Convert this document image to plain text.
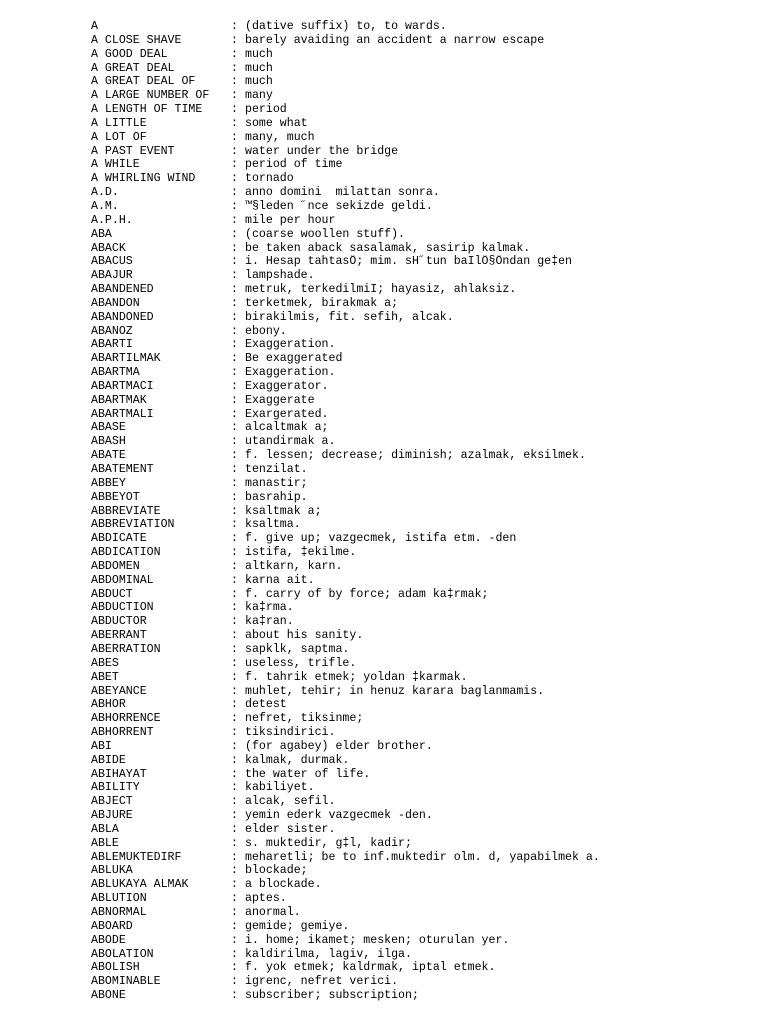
A	: (dative suffix) to, to wards.
A CLOSE SHAVE	: barely avaiding an accident a narrow escape
A GOOD DEAL	: much
A GREAT DEAL	: much
A GREAT DEAL OF	: much
A LARGE NUMBER OF	: many
A LENGTH OF TIME	: period
A LITTLE	: some what
A LOT OF	: many, much
A PAST EVENT	: water under the bridge
A WHILE	: period of time
A WHIRLING WIND	: tornado
A.D.	: anno domini  milattan sonra.
A.M.	: ™§leden ˝nce sekizde geldi.
A.P.H.	: mile per hour
ABA	: (coarse woollen stuff).
ABACK	: be taken aback sasalamak, sasirip kalmak.
ABACUS	: i. Hesap tahtasÖ; mim. sH˝tun baIlÖ§Öndan ge‡en
ABAJUR	: lampshade.
ABANDENED	: metruk, terkedilmiI; hayasiz, ahlaksiz.
ABANDON	: terketmek, birakmak a;
ABANDONED	: birakilmis, fit. sefih, alcak.
ABANOZ	: ebony.
ABARTI	: Exaggeration.
ABARTILMAK	: Be exaggerated
ABARTMA	: Exaggeration.
ABARTMACI	: Exaggerator.
ABARTMAK	: Exaggerate
ABARTMALI	: Exargerated.
ABASE	: alcaltmak a;
ABASH	: utandirmak a.
ABATE	: f. lessen; decrease; diminish; azalmak, eksilmek.
ABATEMENT	: tenzilat.
ABBEY	: manastir;
ABBEYOT	: basrahip.
ABBREVIATE	: ksaltmak a;
ABBREVIATION	: ksaltma.
ABDICATE	: f. give up; vazgecmek, istifa etm. -den
ABDICATION	: istifa, ‡ekilme.
ABDOMEN	: altkarn, karn.
ABDOMINAL	: karna ait.
ABDUCT	: f. carry of by force; adam ka‡rmak;
ABDUCTION	: ka‡rma.
ABDUCTOR	: ka‡ran.
ABERRANT	: about his sanity.
ABERRATION	: sapklk, saptma.
ABES	: useless, trifle.
ABET	: f. tahrik etmek; yoldan ‡karmak.
ABEYANCE	: muhlet, tehir; in henuz karara baglanmamis.
ABHOR	: detest
ABHORRENCE	: nefret, tiksinme;
ABHORRENT	: tiksindirici.
ABI	: (for agabey) elder brother.
ABIDE	: kalmak, durmak.
ABIHAYAT	: the water of life.
ABILITY	: kabiliyet.
ABJECT	: alcak, sefil.
ABJURE	: yemin ederk vazgecmek -den.
ABLA	: elder sister.
ABLE	: s. muktedir, g‡l, kadir;
ABLEMUKTEDIRF	: meharetli; be to inf.muktedir olm. d, yapabilmek a.
ABLUKA	: blockade;
ABLUKAYA ALMAK	: a blockade.
ABLUTION	: aptes.
ABNORMAL	: anormal.
ABOARD	: gemide; gemiye.
ABODE	: i. home; ikamet; mesken; oturulan yer.
ABOLATION	: kaldirilma, lagiv, ilga.
ABOLISH	: f. yok etmek; kaldrmak, iptal etmek.
ABOMINABLE	: igrenc, nefret verici.
ABONE	: subscriber; subscription;
